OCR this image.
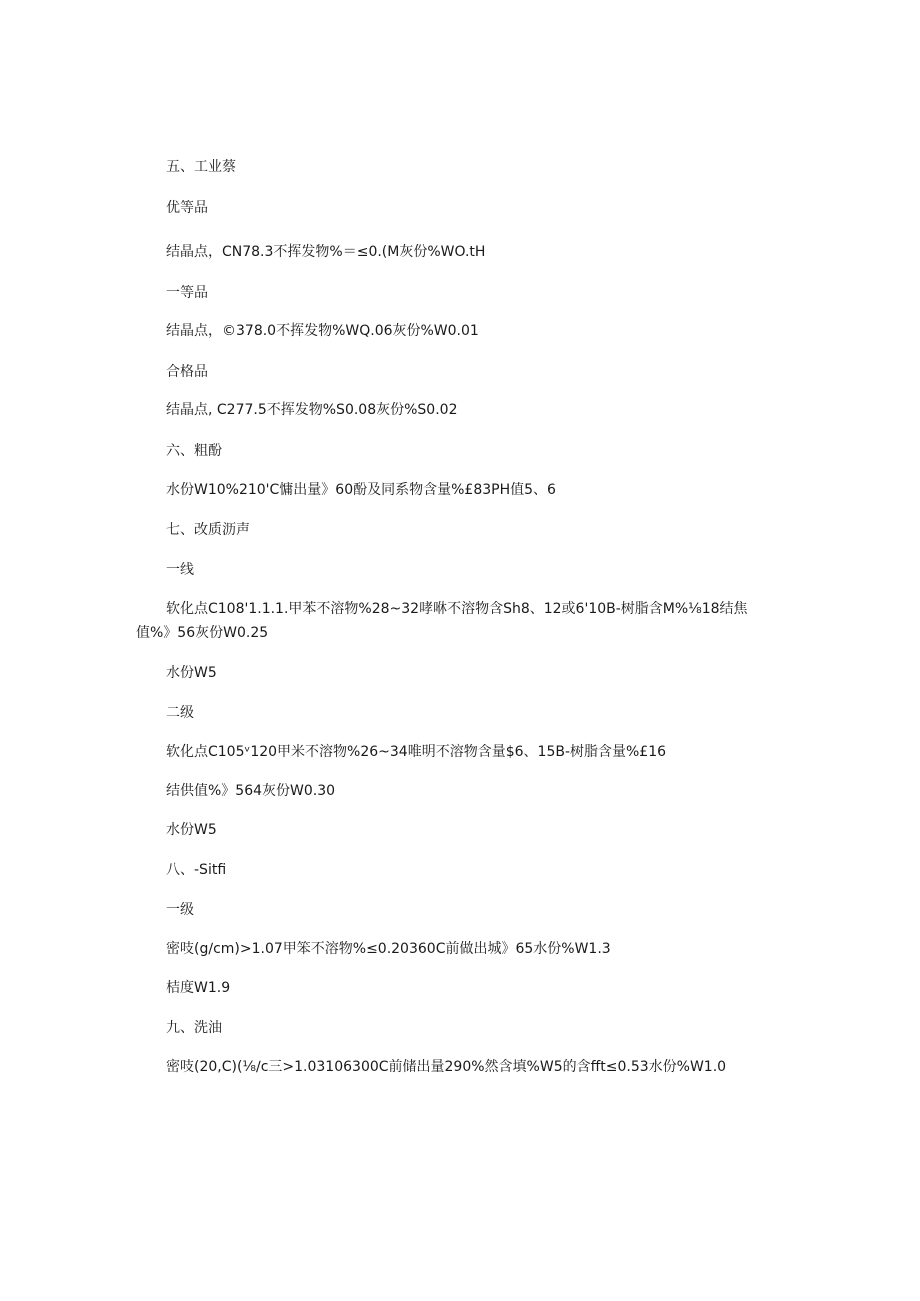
五、工业蔡
优等品
结晶点，CN78.3不挥发物%＝≤0.(M灰份%WO.tH
一等品
结晶点，©378.0不挥发物%WQ.06灰份%W0.01
合格品
结晶点, C277.5不挥发物%S0.08灰份%S0.02
六、粗酚
水份W10%210'C慵出量》60酚及同系物含量%£83PH值5、6
七、改质沥声
一线
软化点C108'1.1.1.甲苯不溶物%28~32哮咻不溶物含Sh8、12或6'10B-树脂含M%⅛18结焦
值%》56灰份W0.25
水份W5
二级
软化点C105ᵛ120甲米不溶物%26~34唯明不溶物含量$6、15B-树脂含量%£16
结供值%》564灰份W0.30
水份W5
八、-Sitfi
一级
密吱(g∕cm)>1.07甲笨不溶物%≤0.20360C前做出城》65水份%W1.3
桔度W1.9
九、洗油
密吱(20,C)(⅛∕c三>1.03106300C前储出量290%然含填%W5的含fft≤0.53水份%W1.0
